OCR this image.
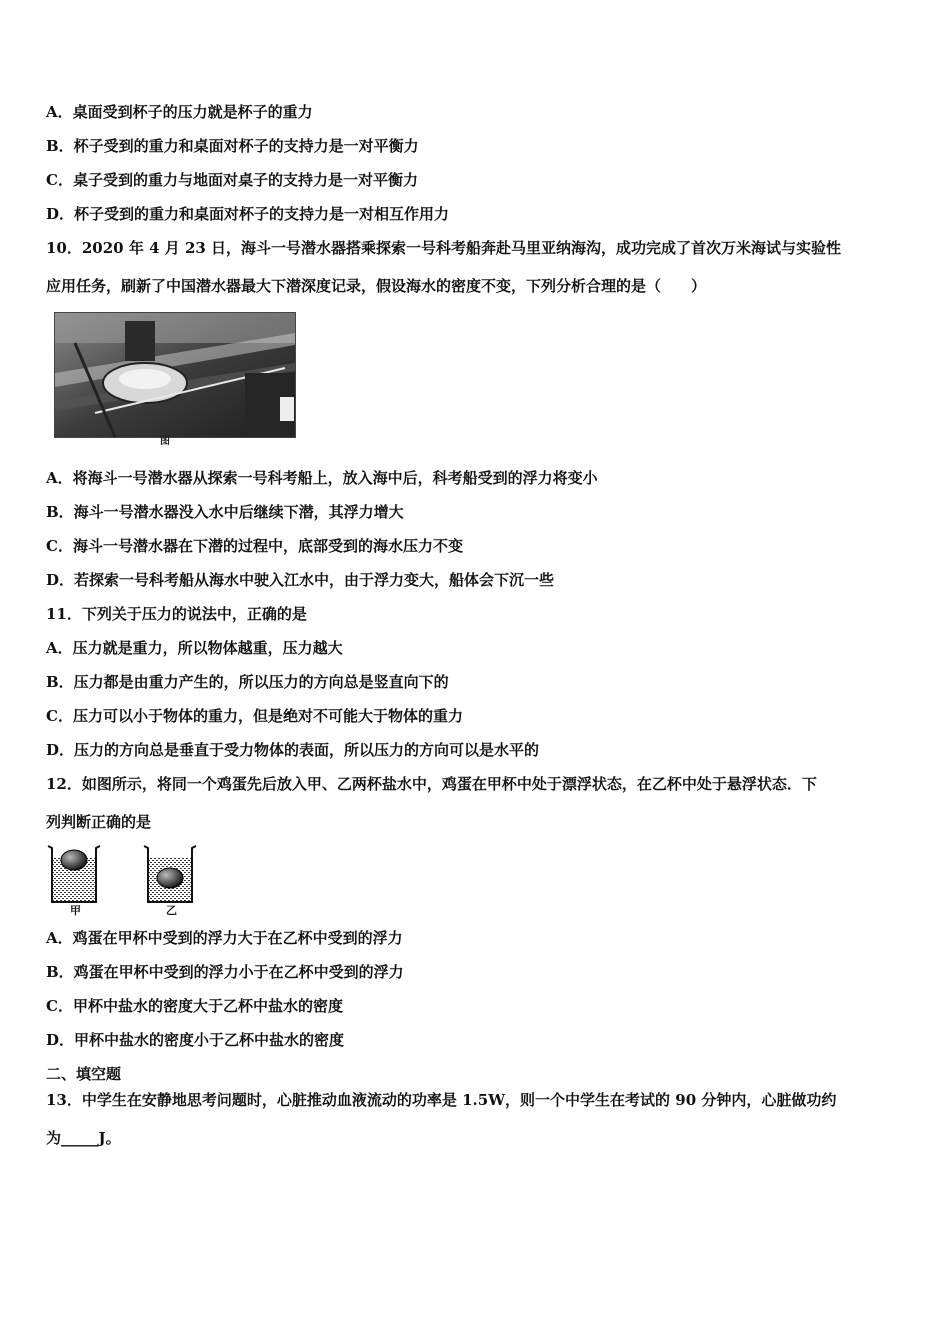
A．桌面受到杯子的压力就是杯子的重力
B．杯子受到的重力和桌面对杯子的支持力是一对平衡力
C．桌子受到的重力与地面对桌子的支持力是一对平衡力
D．杯子受到的重力和桌面对杯子的支持力是一对相互作用力
10．2020 年 4 月 23 日，海斗一号潜水器搭乘探索一号科考船奔赴马里亚纳海沟，成功完成了首次万米海试与实验性
应用任务，刷新了中国潜水器最大下潜深度记录，假设海水的密度不变，下列分析合理的是（　　）
图
A．将海斗一号潜水器从探索一号科考船上，放入海中后，科考船受到的浮力将变小
B．海斗一号潜水器没入水中后继续下潜，其浮力增大
C．海斗一号潜水器在下潜的过程中，底部受到的海水压力不变
D．若探索一号科考船从海水中驶入江水中，由于浮力变大，船体会下沉一些
11．下列关于压力的说法中，正确的是
A．压力就是重力，所以物体越重，压力越大
B．压力都是由重力产生的，所以压力的方向总是竖直向下的
C．压力可以小于物体的重力，但是绝对不可能大于物体的重力
D．压力的方向总是垂直于受力物体的表面，所以压力的方向可以是水平的
12．如图所示，将同一个鸡蛋先后放入甲、乙两杯盐水中，鸡蛋在甲杯中处于漂浮状态，在乙杯中处于悬浮状态．下
列判断正确的是
甲	乙
A．鸡蛋在甲杯中受到的浮力大于在乙杯中受到的浮力
B．鸡蛋在甲杯中受到的浮力小于在乙杯中受到的浮力
C．甲杯中盐水的密度大于乙杯中盐水的密度
D．甲杯中盐水的密度小于乙杯中盐水的密度
二、填空题
13．中学生在安静地思考问题时，心脏推动血液流动的功率是 1.5W，则一个中学生在考试的 90 分钟内，心脏做功约
为_____J。
